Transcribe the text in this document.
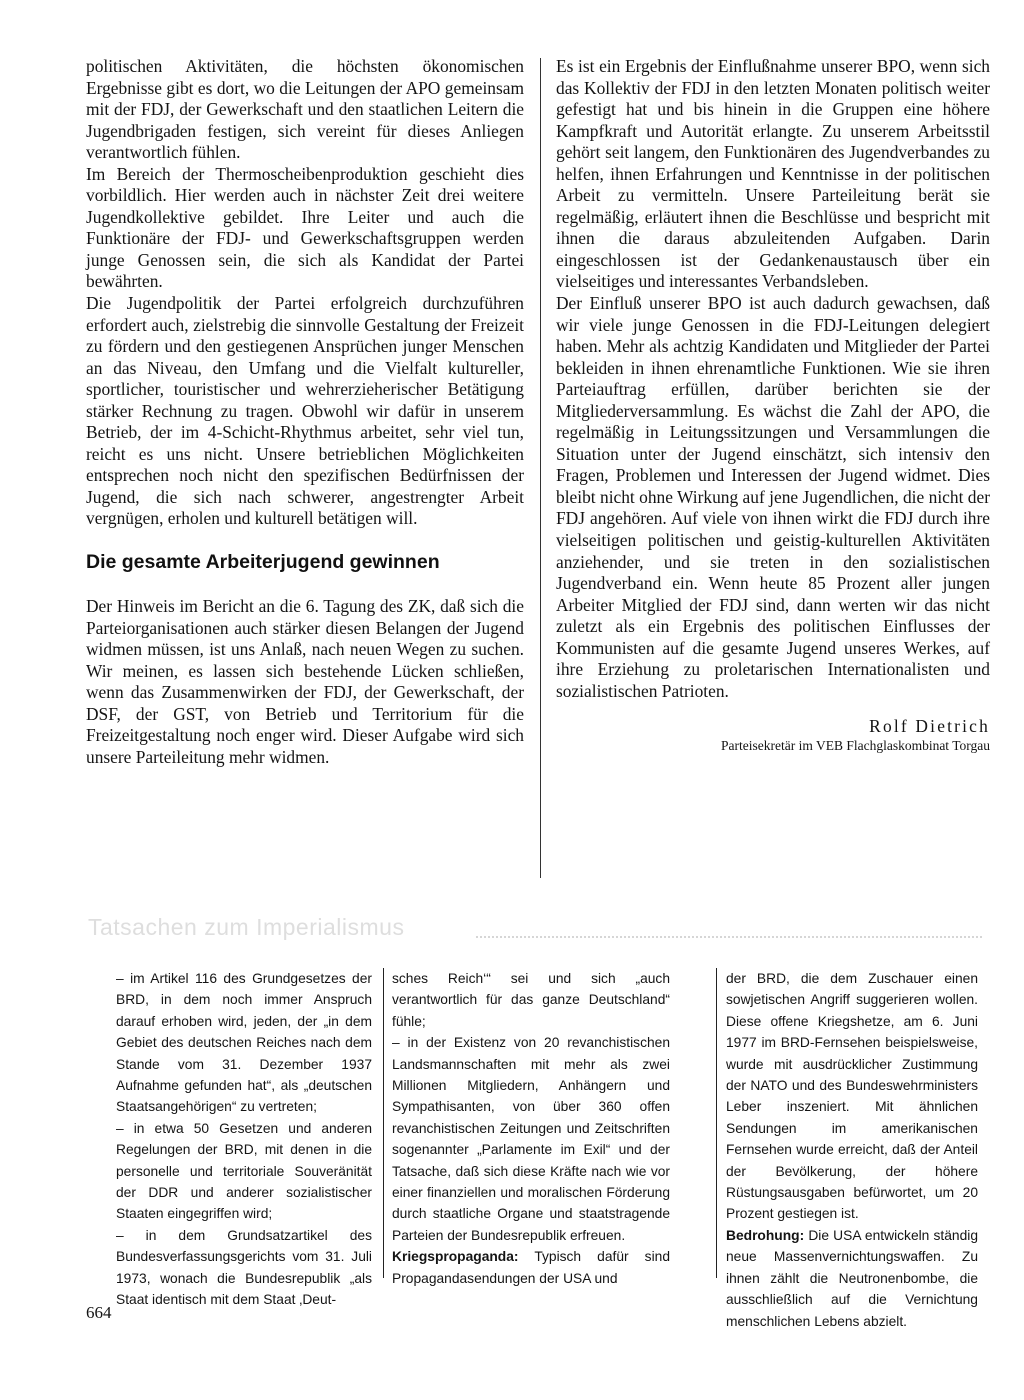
politischen Aktivitäten, die höchsten ökonomischen Ergebnisse gibt es dort, wo die Leitungen der APO gemeinsam mit der FDJ, der Gewerkschaft und den staatlichen Leitern die Jugendbrigaden festigen, sich vereint für dieses Anliegen verantwortlich fühlen.

Im Bereich der Thermoscheibenproduktion geschieht dies vorbildlich. Hier werden auch in nächster Zeit drei weitere Jugendkollektive gebildet. Ihre Leiter und auch die Funktionäre der FDJ- und Gewerkschaftsgruppen werden junge Genossen sein, die sich als Kandidat der Partei bewährten.

Die Jugendpolitik der Partei erfolgreich durchzuführen erfordert auch, zielstrebig die sinnvolle Gestaltung der Freizeit zu fördern und den gestiegenen Ansprüchen junger Menschen an das Niveau, den Umfang und die Vielfalt kultureller, sportlicher, touristischer und wehrerzieherischer Betätigung stärker Rechnung zu tragen. Obwohl wir dafür in unserem Betrieb, der im 4-Schicht-Rhythmus arbeitet, sehr viel tun, reicht es uns nicht. Unsere betrieblichen Möglichkeiten entsprechen noch nicht den spezifischen Bedürfnissen der Jugend, die sich nach schwerer, angestrengter Arbeit vergnügen, erholen und kulturell betätigen will.

Die gesamte Arbeiterjugend gewinnen

Der Hinweis im Bericht an die 6. Tagung des ZK, daß sich die Parteiorganisationen auch stärker diesen Belangen der Jugend widmen müssen, ist uns Anlaß, nach neuen Wegen zu suchen. Wir meinen, es lassen sich bestehende Lücken schließen, wenn das Zusammenwirken der FDJ, der Gewerkschaft, der DSF, der GST, von Betrieb und Territorium für die Freizeitgestaltung noch enger wird. Dieser Aufgabe wird sich unsere Parteileitung mehr widmen.

Es ist ein Ergebnis der Einflußnahme unserer BPO, wenn sich das Kollektiv der FDJ in den letzten Monaten politisch weiter gefestigt hat und bis hinein in die Gruppen eine höhere Kampfkraft und Autorität erlangte. Zu unserem Arbeitsstil gehört seit langem, den Funktionären des Jugendverbandes zu helfen, ihnen Erfahrungen und Kenntnisse in der politischen Arbeit zu vermitteln. Unsere Parteileitung berät sie regelmäßig, erläutert ihnen die Beschlüsse und bespricht mit ihnen die daraus abzuleitenden Aufgaben. Darin eingeschlossen ist der Gedankenaustausch über ein vielseitiges und interessantes Verbandsleben.

Der Einfluß unserer BPO ist auch dadurch gewachsen, daß wir viele junge Genossen in die FDJ-Leitungen delegiert haben. Mehr als achtzig Kandidaten und Mitglieder der Partei bekleiden in ihnen ehrenamtliche Funktionen. Wie sie ihren Parteiauftrag erfüllen, darüber berichten sie der Mitgliederversammlung. Es wächst die Zahl der APO, die regelmäßig in Leitungssitzungen und Versammlungen die Situation unter der Jugend einschätzt, sich intensiv den Fragen, Problemen und Interessen der Jugend widmet. Dies bleibt nicht ohne Wirkung auf jene Jugendlichen, die nicht der FDJ angehören. Auf viele von ihnen wirkt die FDJ durch ihre vielseitigen politischen und geistig-kulturellen Aktivitäten anziehender, und sie treten in den sozialistischen Jugendverband ein. Wenn heute 85 Prozent aller jungen Arbeiter Mitglied der FDJ sind, dann werten wir das nicht zuletzt als ein Ergebnis des politischen Einflusses der Kommunisten auf die gesamte Jugend unseres Werkes, auf ihre Erziehung zu proletarischen Internationalisten und sozialistischen Patrioten.

Rolf Dietrich

Parteisekretär im VEB Flachglaskombinat Torgau

Tatsachen zum Imperialismus

– im Artikel 116 des Grundgesetzes der BRD, in dem noch immer Anspruch darauf erhoben wird, jeden, der „in dem Gebiet des deutschen Reiches nach dem Stande vom 31. Dezember 1937 Aufnahme gefunden hat“, als „deutschen Staatsangehörigen“ zu vertreten;

– in etwa 50 Gesetzen und anderen Regelungen der BRD, mit denen in die personelle und territoriale Souveränität der DDR und anderer sozialistischer Staaten eingegriffen wird;

– in dem Grundsatzartikel des Bundesverfassungsgerichts vom 31. Juli 1973, wonach die Bundesrepublik „als Staat identisch mit dem Staat ‚Deut-

sches Reich‘“ sei und sich „auch verantwortlich für das ganze Deutschland“ fühle;

– in der Existenz von 20 revanchistischen Landsmannschaften mit mehr als zwei Millionen Mitgliedern, Anhängern und Sympathisanten, von über 360 offen revanchistischen Zeitungen und Zeitschriften sogenannter „Parlamente im Exil“ und der Tatsache, daß sich diese Kräfte nach wie vor einer finanziellen und moralischen Förderung durch staatliche Organe und staatstragende Parteien der Bundesrepublik erfreuen.

Kriegspropaganda: Typisch dafür sind Propagandasendungen der USA und

der BRD, die dem Zuschauer einen sowjetischen Angriff suggerieren wollen. Diese offene Kriegshetze, am 6. Juni 1977 im BRD-Fernsehen beispielsweise, wurde mit ausdrücklicher Zustimmung der NATO und des Bundeswehrministers Leber inszeniert. Mit ähnlichen Sendungen im amerikanischen Fernsehen wurde erreicht, daß der Anteil der Bevölkerung, der höhere Rüstungsausgaben befürwortet, um 20 Prozent gestiegen ist.

Bedrohung: Die USA entwickeln ständig neue Massenvernichtungswaffen. Zu ihnen zählt die Neutronenbombe, die ausschließlich auf die Vernichtung menschlichen Lebens abzielt.

664
